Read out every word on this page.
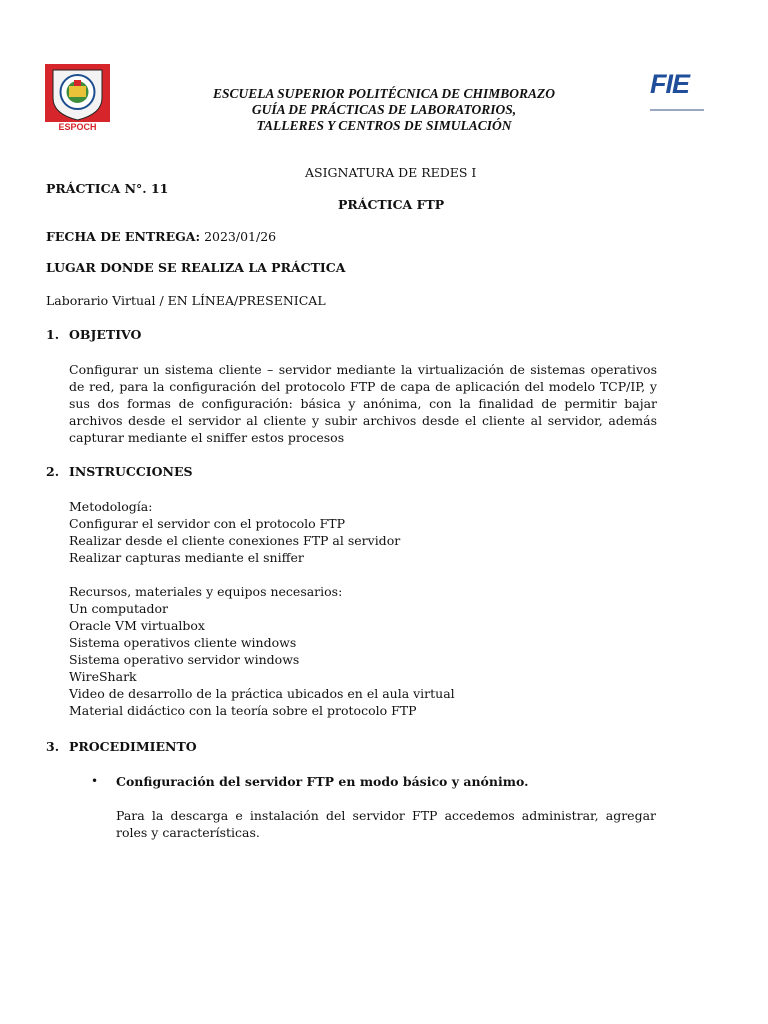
ESPOCH
FIE
ESCUELA SUPERIOR POLITÉCNICA DE CHIMBORAZO
GUÍA DE PRÁCTICAS DE LABORATORIOS,
TALLERES Y CENTROS DE SIMULACIÓN
ASIGNATURA DE REDES I
PRÁCTICA N°. 11
PRÁCTICA FTP
FECHA DE ENTREGA: 2023/01/26
LUGAR DONDE SE REALIZA LA PRÁCTICA
Laborario Virtual / EN LÍNEA/PRESENICAL
1. OBJETIVO
Configurar un sistema cliente – servidor mediante la virtualización de sistemas operativos de red, para la configuración del protocolo FTP de capa de aplicación del modelo TCP/IP, y sus dos formas de configuración: básica y anónima, con la finalidad de permitir bajar archivos desde el servidor al cliente y subir archivos desde el cliente al servidor, además capturar mediante el sniffer estos procesos
2. INSTRUCCIONES
Metodología:
Configurar el servidor con el protocolo FTP
Realizar desde el cliente conexiones FTP al servidor
Realizar capturas mediante el sniffer
Recursos, materiales y equipos necesarios:
Un computador
Oracle VM virtualbox
Sistema operativos cliente windows
Sistema operativo servidor windows
WireShark
Video de desarrollo de la práctica ubicados en el aula virtual
Material didáctico con la teoría sobre el protocolo FTP
3. PROCEDIMIENTO
• Configuración del servidor FTP en modo básico y anónimo.
Para la descarga e instalación del servidor FTP accedemos administrar, agregar roles y características.
